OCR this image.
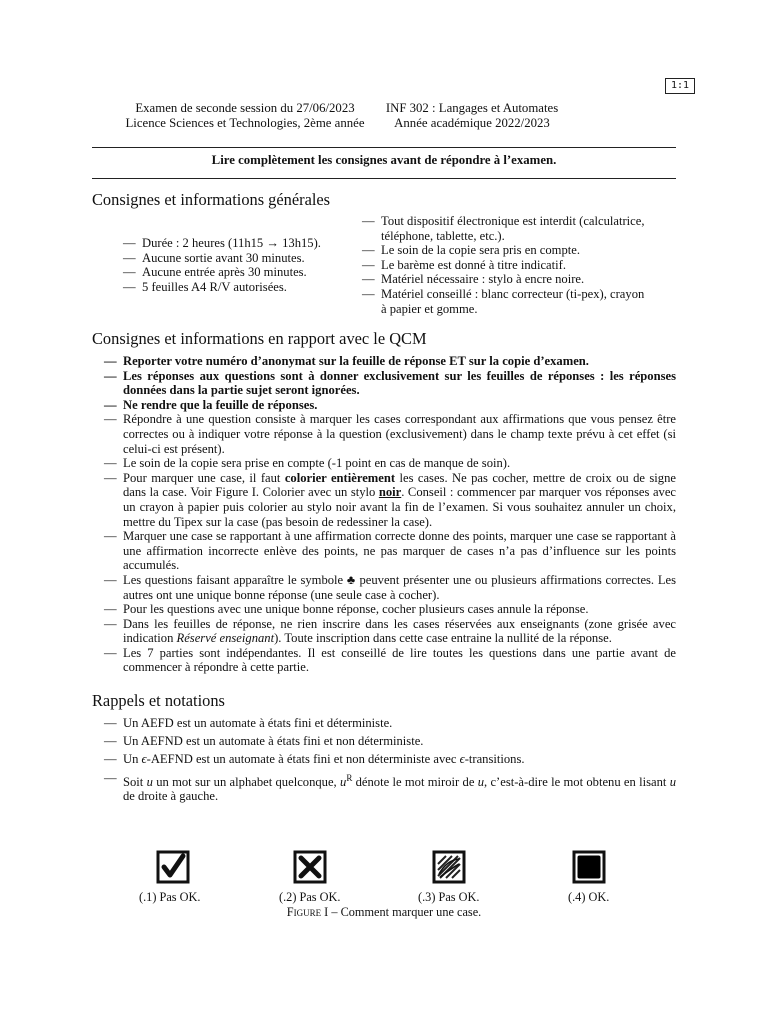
1:1
Examen de seconde session du 27/06/2023
Licence Sciences et Technologies, 2ème année
INF 302 : Langages et Automates
Année académique 2022/2023
Lire complètement les consignes avant de répondre à l’examen.
Consignes et informations générales
— Durée : 2 heures (11h15 → 13h15).
— Aucune sortie avant 30 minutes.
— Aucune entrée après 30 minutes.
— 5 feuilles A4 R/V autorisées.
— Tout dispositif électronique est interdit (calculatrice, téléphone, tablette, etc.).
— Le soin de la copie sera pris en compte.
— Le barème est donné à titre indicatif.
— Matériel nécessaire : stylo à encre noire.
— Matériel conseillé : blanc correcteur (ti-pex), crayon à papier et gomme.
Consignes et informations en rapport avec le QCM
— Reporter votre numéro d’anonymat sur la feuille de réponse ET sur la copie d’examen.
— Les réponses aux questions sont à donner exclusivement sur les feuilles de réponses : les réponses données dans la partie sujet seront ignorées.
— Ne rendre que la feuille de réponses.
— Répondre à une question consiste à marquer les cases correspondant aux affirmations que vous pensez être correctes ou à indiquer votre réponse à la question (exclusivement) dans le champ texte prévu à cet effet (si celui-ci est présent).
— Le soin de la copie sera prise en compte (-1 point en cas de manque de soin).
— Pour marquer une case, il faut colorier entièrement les cases. Ne pas cocher, mettre de croix ou de signe dans la case. Voir Figure I. Colorier avec un stylo noir. Conseil : commencer par marquer vos réponses avec un crayon à papier puis colorier au stylo noir avant la fin de l’examen. Si vous souhaitez annuler un choix, mettre du Tipex sur la case (pas besoin de redessiner la case).
— Marquer une case se rapportant à une affirmation correcte donne des points, marquer une case se rapportant à une affirmation incorrecte enlève des points, ne pas marquer de cases n’a pas d’influence sur les points accumulés.
— Les questions faisant apparaître le symbole ♣ peuvent présenter une ou plusieurs affirmations correctes. Les autres ont une unique bonne réponse (une seule case à cocher).
— Pour les questions avec une unique bonne réponse, cocher plusieurs cases annule la réponse.
— Dans les feuilles de réponse, ne rien inscrire dans les cases réservées aux enseignants (zone grisée avec indication Réservé enseignant). Toute inscription dans cette case entraine la nullité de la réponse.
— Les 7 parties sont indépendantes. Il est conseillé de lire toutes les questions dans une partie avant de commencer à répondre à cette partie.
Rappels et notations
— Un AEFD est un automate à états fini et déterministe.
— Un AEFND est un automate à états fini et non déterministe.
— Un ϵ-AEFND est un automate à états fini et non déterministe avec ϵ-transitions.
— Soit u un mot sur un alphabet quelconque, $u^R$ dénote le mot miroir de u, c’est-à-dire le mot obtenu en lisant u de droite à gauche.
(.1) Pas OK.	(.2) Pas OK.	(.3) Pas OK.	(.4) OK.
Figure I – Comment marquer une case.
